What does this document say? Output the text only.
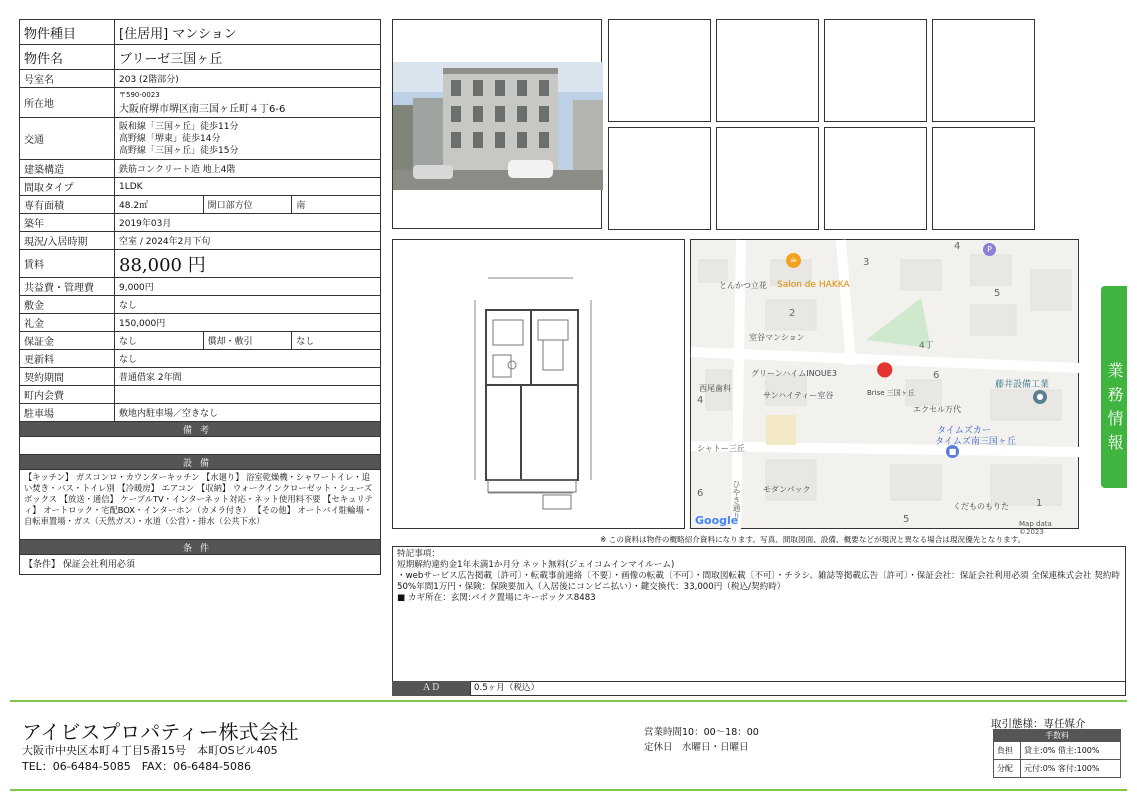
物件種目	[住居用] マンション		
物件名	ブリーゼ三国ヶ丘		
号室名	203 (2階部分)		
所在地	〒590-0023
大阪府堺市堺区南三国ヶ丘町４丁6-6		

交通	阪和線「三国ヶ丘」徒歩11分
高野線「堺東」徒歩14分
高野線「三国ヶ丘」徒歩15分		

建築構造	鉄筋コンクリート造 地上4階		
間取タイプ	1LDK		
専有面積	48.2㎡	開口部方位	南
築年	2019年03月		
現況/入居時期	空室 / 2024年2月下旬		
賃料	88,000 円		
共益費・管理費	9,000円		
敷金	なし		
礼金	150,000円		
保証金	なし	償却・敷引	なし
更新料	なし		
契約期間	普通借家 2年間		
町内会費			
駐車場	敷地内駐車場／空きなし		
備考			

設備			
【キッチン】 ガスコンロ・カウンターキッチン 【水廻り】 浴室乾燥機・シャワートイレ・追い焚き・バス・トイレ別 【冷暖房】 エアコン 【収納】 ウォークインクローゼット・シューズボックス 【放送・通信】 ケーブルTV・インターネット対応・ネット使用料不要 【セキュリティ】 オートロック・宅配BOX・インターホン（カメラ付き） 【その他】 オートバイ駐輪場・自転車置場・ガス（天然ガス）・水道（公営）・排水（公共下水）			
条件			
【条件】 保証会社利用必須			
☕
P
●
●
■
とんかつ立花 Salon de HAKKA
室谷マンション
グリーンハイムINOUE3
Brise 三国ヶ丘
藤井設備工業
西尾歯科
サンハイティー室谷
エクセル万代
タイムズカー
タイムズ南三国ヶ丘
シャトー三丘
モダンパック
くだものもりた
Map data ©2023
Google
4
3
5
2
4丁
6
4
6
1
5
ひやき通り
※ この資料は物件の概略紹介資料になります。写真、間取図面、設備、概要などが現況と異なる場合は現況優先となります。
特記事項：
短期解約違約金1年未満1か月分 ネット無料(ジェイコムインマイルーム)
・webサービス広告掲載〔許可〕・転載事前連絡〔不要〕・画像の転載〔不可〕・間取図転載〔不可〕・チラシ、雑誌等掲載広告〔許可〕・保証会社：保証会社利用必須 全保連株式会社 契約時50%年間1万円・保険：保険要加入（入居後にコンビニ払い）・鍵交換代：33,000円（税込/契約時）
■ カギ所在：玄関:バイク置場にキーボックス8483
ＡＤ	0.5ヶ月（税込）
業務情報
アイビスプロパティー株式会社
大阪市中央区本町４丁目5番15号　本町OSビル405
TEL：06-6484-5085　FAX：06-6484-5086
営業時間10：00～18：00
定休日　水曜日・日曜日
取引態様：専任媒介
手数料	
負担	貸主:0% 借主:100%
分配	元付:0% 客付:100%
